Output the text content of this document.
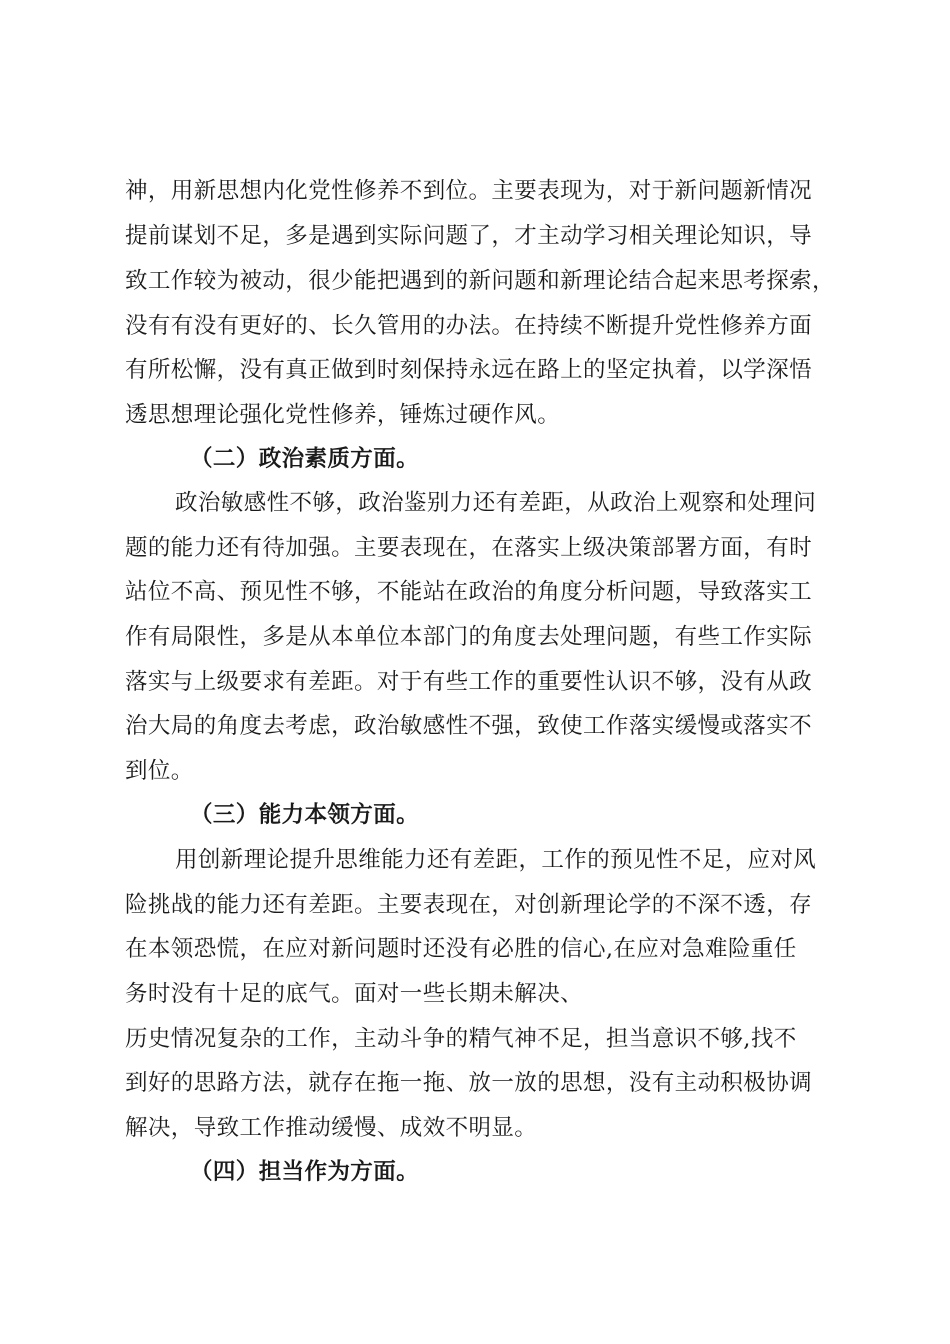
神，用新思想内化党性修养不到位。主要表现为，对于新问题新情况
提前谋划不足，多是遇到实际问题了，才主动学习相关理论知识，导
致工作较为被动，很少能把遇到的新问题和新理论结合起来思考探索，
没有有没有更好的、长久管用的办法。在持续不断提升党性修养方面
有所松懈，没有真正做到时刻保持永远在路上的坚定执着，以学深悟
透思想理论强化党性修养，锤炼过硬作风。
（二）政治素质方面。
政治敏感性不够，政治鉴别力还有差距，从政治上观察和处理问
题的能力还有待加强。主要表现在，在落实上级决策部署方面，有时
站位不高、预见性不够，不能站在政治的角度分析问题，导致落实工
作有局限性，多是从本单位本部门的角度去处理问题，有些工作实际
落实与上级要求有差距。对于有些工作的重要性认识不够，没有从政
治大局的角度去考虑，政治敏感性不强，致使工作落实缓慢或落实不
到位。
（三）能力本领方面。
用创新理论提升思维能力还有差距，工作的预见性不足，应对风
险挑战的能力还有差距。主要表现在，对创新理论学的不深不透，存
在本领恐慌，在应对新问题时还没有必胜的信心,在应对急难险重任
务时没有十足的底气。面对一些长期未解决、
历史情况复杂的工作，主动斗争的精气神不足，担当意识不够,找不
到好的思路方法，就存在拖一拖、放一放的思想，没有主动积极协调
解决，导致工作推动缓慢、成效不明显。
（四）担当作为方面。
